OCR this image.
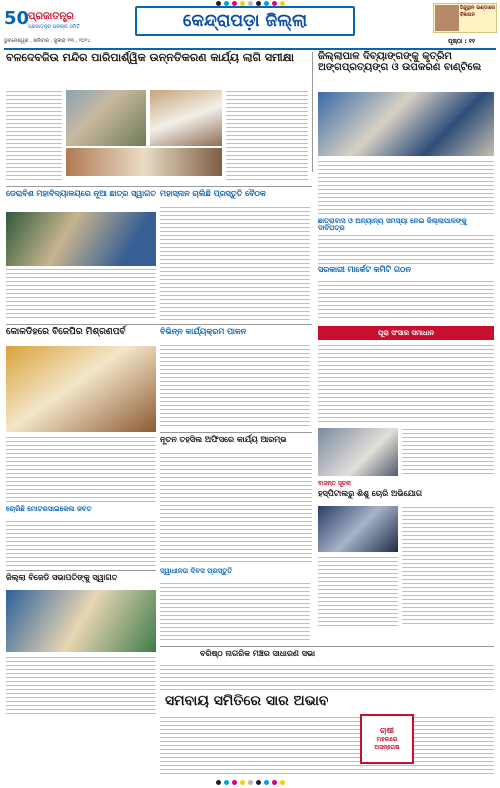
50
ପ୍ରଜାତନ୍ତ୍ର
ପ୍ରଜାତନ୍ତ୍ର ପ୍ରଚାର ସମିତି	କେନ୍ଦ୍ରାପଡ଼ା ଜିଲ୍ଲା
ହିନ୍ଦୁସ୍ଥାନ ଭଣ୍ଡାରେ ବିଜ୍ଞାପନ
ଭୁବନେଶ୍ୱର , ଶନିବାର , ଜୁଲାଇ ୧୩ , ୨୦୨୪	ପୃଷ୍ଠା : ୧୧
ବଳଦେବଜିଉ ମନ୍ଦିର ପାରିପାର୍ଶ୍ୱିକ ଉନ୍ନତିକରଣ କାର୍ଯ୍ୟ ଲାଗି ସମୀକ୍ଷା	ଜିଲ୍ଲାପାଳ ଦିବ୍ୟାଙ୍ଗଙ୍କୁ କୃତ୍ରିମ ଅଙ୍ଗପ୍ରତ୍ୟଙ୍ଗ ଓ ଉପକରଣ ବାଣ୍ଟିଲେ
ଡେରାବିଶ ମହାବିଦ୍ୟାଳୟରେ ନୂଆ ଛାତ୍ର ସ୍ୱାଗତ ମହାସ୍ନାନ ଚାଲିଛି ପ୍ରସ୍ତୁତି ବୈଠକ
ଛାତ୍ରାବାସ ଓ ଅନ୍ୟାନ୍ୟ ସମସ୍ୟା ନେଇ ଜିଲ୍ଲାପାଳଙ୍କୁ ଦାବିପତ୍ର
ସରକାରୀ ମାର୍କେଟ କମିଟି ଗଠନ
କୋଳଡିହରେ ବିଜେପିର ମିଶ୍ରଣପର୍ବ	ବିଭିନ୍ନ କାର୍ଯ୍ୟକ୍ରମ ପାଳନ	ପୂରା ସଂସାର ସମାଧାନ
ନୂତନ ତହସିଲ ଅଫିସରେ କାର୍ଯ୍ୟ ଆରମ୍ଭ
ଚୋରିଛି ମୋଟରସାଇକେଲ ଜବତ
ଜିଲ୍ଲା ବିଜେଡି ସଭାପତିଙ୍କୁ ସ୍ୱାଗତ
ସ୍ୱାଧୀନତା ଦିବସ ପ୍ରସ୍ତୁତି
ବାସନ୍ତ ସୂଚନା
ହସ୍ପିଟାଲରୁ ଶିଶୁ ଚୋରି ଅଭିଯୋଗ
ବରିଷ୍ଠ ନାଗରିକ ମଞ୍ଚର ସାଧାରଣ ସଭା
ସମବାୟ ସମିତିରେ ସାର ଅଭାବ
ଚାଷୀ
ମହଲରେ
ଅସନ୍ତୋଷ
